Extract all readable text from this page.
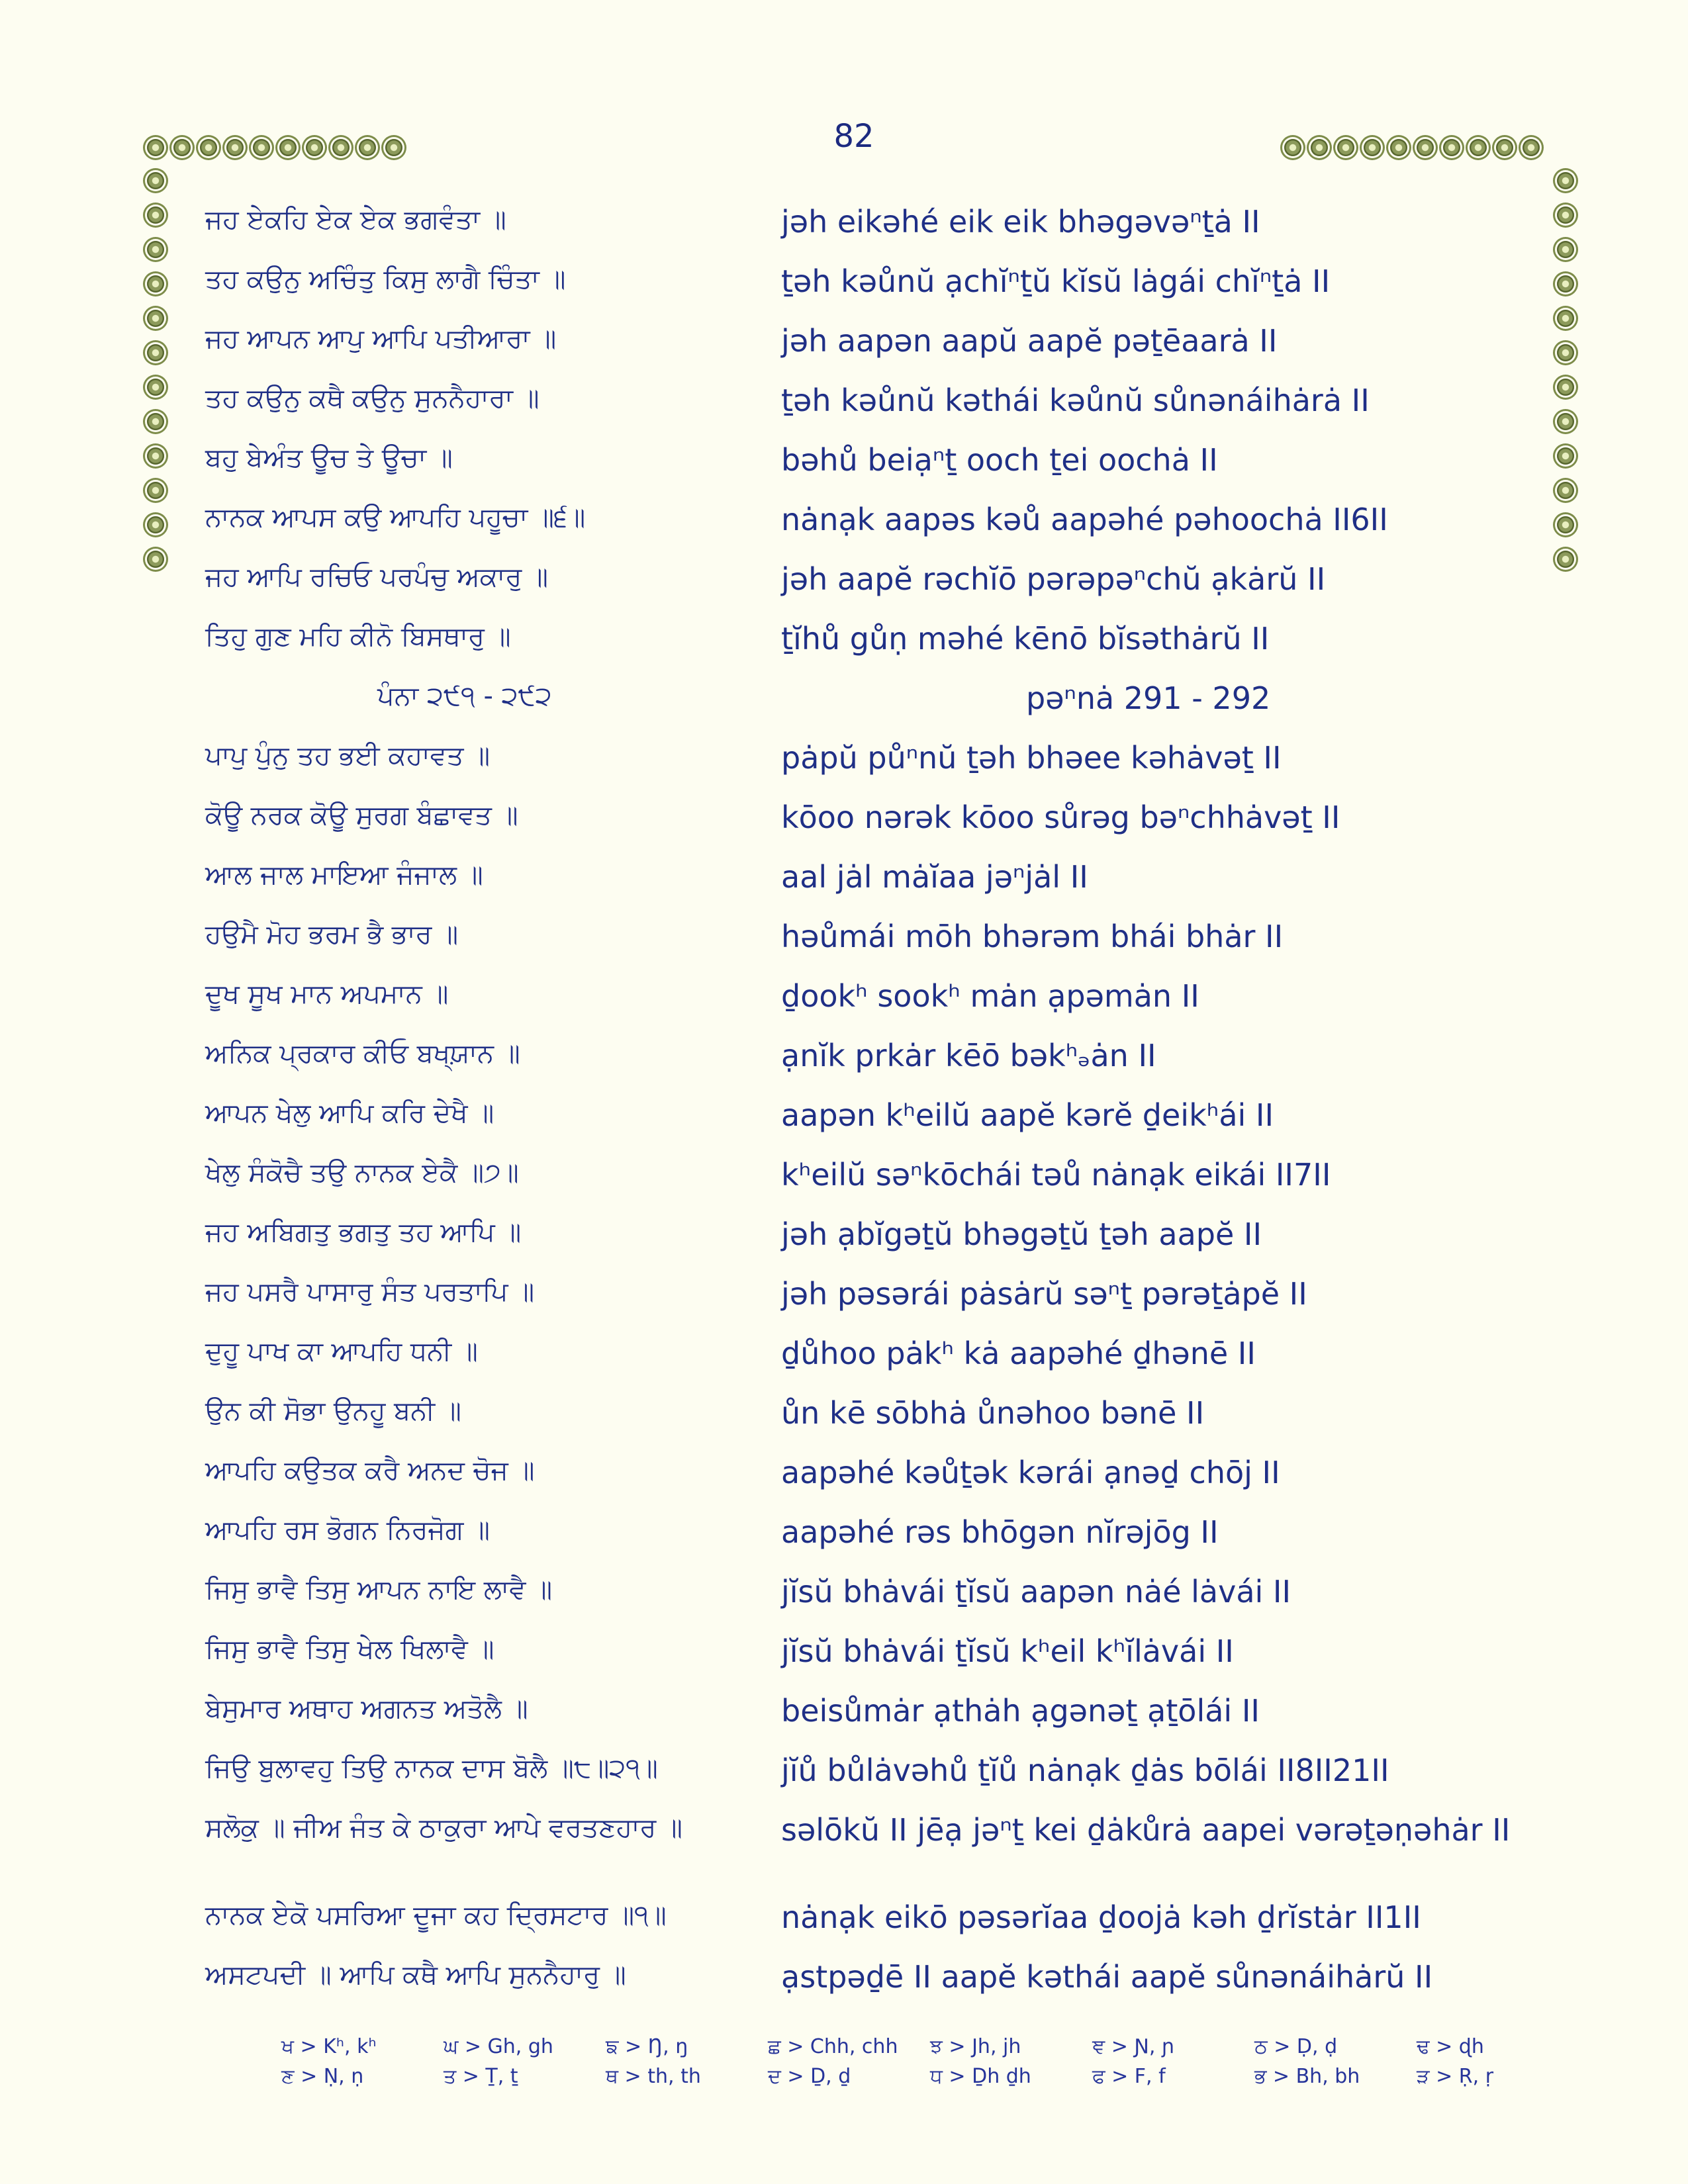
82
ਜਹ ਏਕਹਿ ਏਕ ਏਕ ਭਗਵੰਤਾ ॥	jəh eikəhé eik eik bhəgəvəⁿṯȧ II
ਤਹ ਕਉਨੁ ਅਚਿੰਤੁ ਕਿਸੁ ਲਾਗੈ ਚਿੰਤਾ ॥	ṯəh kəůnŭ ạchĭⁿṯŭ kĭsŭ lȧgái chĭⁿṯȧ II
ਜਹ ਆਪਨ ਆਪੁ ਆਪਿ ਪਤੀਆਰਾ ॥	jəh aapən aapŭ aapĕ pəṯēaarȧ II
ਤਹ ਕਉਨੁ ਕਥੈ ਕਉਨੁ ਸੁਨਨੈਹਾਰਾ ॥	ṯəh kəůnŭ kəthái kəůnŭ sůnənáihȧrȧ II
ਬਹੁ ਬੇਅੰਤ ਊਚ ਤੇ ਊਚਾ ॥	bəhů beiạⁿṯ ooch ṯei oochȧ II
ਨਾਨਕ ਆਪਸ ਕਉ ਆਪਹਿ ਪਹੂਚਾ ॥੬॥	nȧnạk aapəs kəů aapəhé pəhoochȧ II6II
ਜਹ ਆਪਿ ਰਚਿਓ ਪਰਪੰਚੁ ਅਕਾਰੁ ॥	jəh aapĕ rəchĭō pərəpəⁿchŭ ạkȧrŭ II
ਤਿਹੁ ਗੁਣ ਮਹਿ ਕੀਨੋ ਬਿਸਥਾਰੁ ॥	ṯĭhů gůṇ məhé kēnō bĭsəthȧrŭ II
ਪੰਨਾ ੨੯੧ - ੨੯੨	pəⁿnȧ 291 - 292
ਪਾਪੁ ਪੁੰਨੁ ਤਹ ਭਈ ਕਹਾਵਤ ॥	pȧpŭ půⁿnŭ ṯəh bhəee kəhȧvəṯ II
ਕੋਊ ਨਰਕ ਕੋਊ ਸੁਰਗ ਬੰਛਾਵਤ ॥	kōoo nərək kōoo sůrəg bəⁿchhȧvəṯ II
ਆਲ ਜਾਲ ਮਾਇਆ ਜੰਜਾਲ ॥	aal jȧl mȧĭaa jəⁿjȧl II
ਹਉਮੈ ਮੋਹ ਭਰਮ ਭੈ ਭਾਰ ॥	həůmái mōh bhərəm bhái bhȧr II
ਦੂਖ ਸੂਖ ਮਾਨ ਅਪਮਾਨ ॥	ḏookʰ sookʰ mȧn ạpəmȧn II
ਅਨਿਕ ਪ੍ਰਕਾਰ ਕੀਓ ਬਖ੍ਯ਼ਾਨ ॥	ạnĭk prkȧr kēō bəkʰₔȧn II
ਆਪਨ ਖੇਲੁ ਆਪਿ ਕਰਿ ਦੇਖੈ ॥	aapən kʰeilŭ aapĕ kərĕ ḏeikʰái II
ਖੇਲੁ ਸੰਕੋਚੈ ਤਉ ਨਾਨਕ ਏਕੈ ॥੭॥	kʰeilŭ səⁿkōchái təů nȧnạk eikái II7II
ਜਹ ਅਬਿਗਤੁ ਭਗਤੁ ਤਹ ਆਪਿ ॥	jəh ạbĭgəṯŭ bhəgəṯŭ ṯəh aapĕ II
ਜਹ ਪਸਰੈ ਪਾਸਾਰੁ ਸੰਤ ਪਰਤਾਪਿ ॥	jəh pəsərái pȧsȧrŭ səⁿṯ pərəṯȧpĕ II
ਦੁਹੂ ਪਾਖ ਕਾ ਆਪਹਿ ਧਨੀ ॥	ḏůhoo pȧkʰ kȧ aapəhé ḏhənē II
ਉਨ ਕੀ ਸੋਭਾ ਉਨਹੂ ਬਨੀ ॥	ůn kē sōbhȧ ůnəhoo bənē II
ਆਪਹਿ ਕਉਤਕ ਕਰੈ ਅਨਦ ਚੋਜ ॥	aapəhé kəůṯək kərái ạnəḏ chōj II
ਆਪਹਿ ਰਸ ਭੋਗਨ ਨਿਰਜੋਗ ॥	aapəhé rəs bhōgən nĭrəjōg II
ਜਿਸੁ ਭਾਵੈ ਤਿਸੁ ਆਪਨ ਨਾਇ ਲਾਵੈ ॥	jĭsŭ bhȧvái ṯĭsŭ aapən nȧé lȧvái II
ਜਿਸੁ ਭਾਵੈ ਤਿਸੁ ਖੇਲ ਖਿਲਾਵੈ ॥	jĭsŭ bhȧvái ṯĭsŭ kʰeil kʰĭlȧvái II
ਬੇਸੁਮਾਰ ਅਥਾਹ ਅਗਨਤ ਅਤੋਲੈ ॥	beisůmȧr ạthȧh ạgənəṯ ạṯōlái II
ਜਿਉ ਬੁਲਾਵਹੁ ਤਿਉ ਨਾਨਕ ਦਾਸ ਬੋਲੈ ॥੮॥੨੧॥	jĭů bůlȧvəhů ṯĭů nȧnạk ḏȧs bōlái II8II21II
ਸਲੋਕੁ ॥ ਜੀਅ ਜੰਤ ਕੇ ਠਾਕੁਰਾ ਆਪੇ ਵਰਤਣਹਾਰ ॥	səlōkŭ II jēạ jəⁿṯ kei ḏȧkůrȧ aapei vərəṯəṇəhȧr II
ਨਾਨਕ ਏਕੋ ਪਸਰਿਆ ਦੂਜਾ ਕਹ ਦ੍ਰਿਸਟਾਰ ॥੧॥	nȧnạk eikō pəsərĭaa ḏoojȧ kəh ḏrĭstȧr II1II
ਅਸਟਪਦੀ ॥ ਆਪਿ ਕਥੈ ਆਪਿ ਸੁਨਨੈਹਾਰੁ ॥	ạstpəḏē II aapĕ kəthái aapĕ sůnənáihȧrŭ II
ਖ > Kʰ, kʰ	ਘ > Gh, gh	ਙ > Ŋ, ŋ	ਛ > Chh, chh	ਝ > Jh, jh	ਞ > Ɲ, ɲ	ਠ > Ḍ, ḍ	ਢ > ɖh
ਣ > Ṇ, ṇ	ਤ > Ṯ, ṯ	ਥ > th, th	ਦ > Ḏ, ḏ	ਧ > Ḏh ḏh	ਫ > F, f	ਭ > Bh, bh	ੜ > Ṛ, ṛ
